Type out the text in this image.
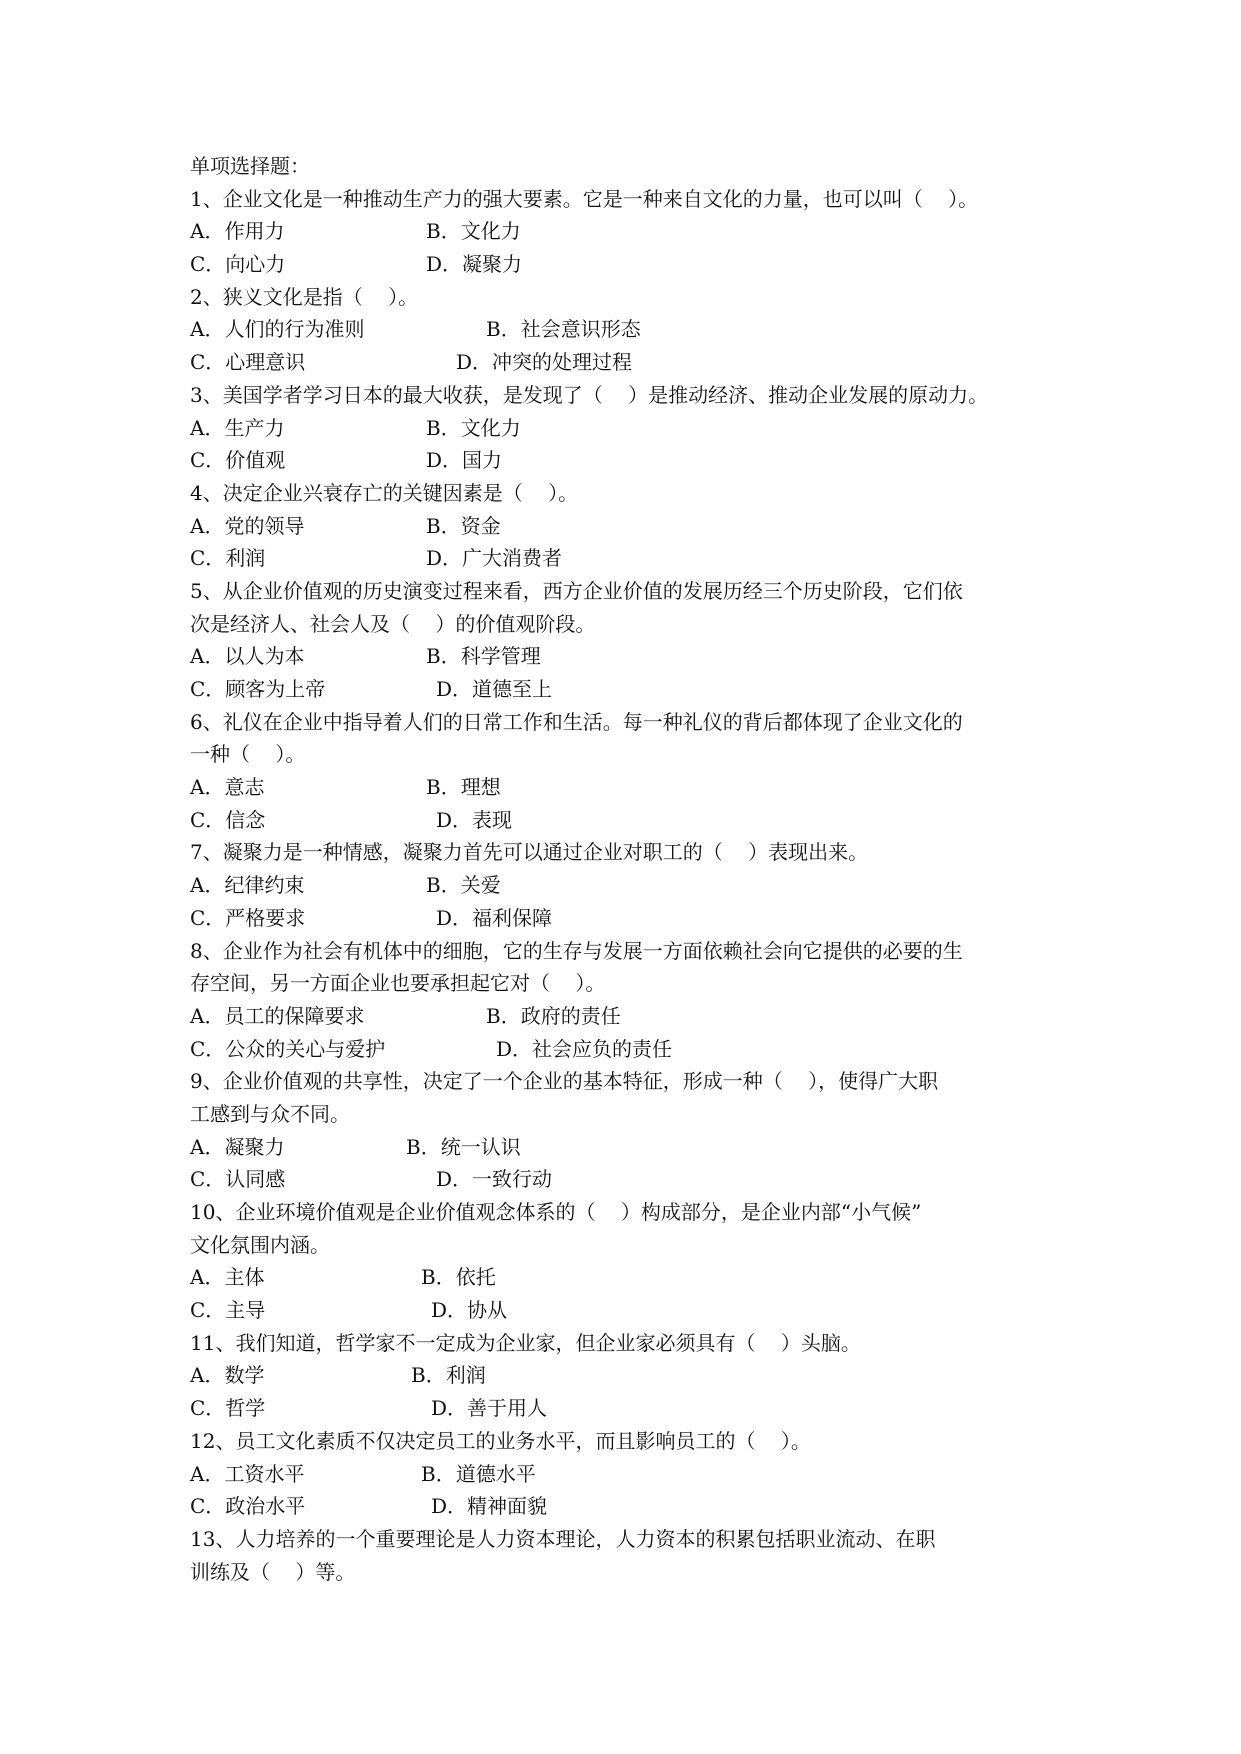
单项选择题：
1、企业文化是一种推动生产力的强大要素。它是一种来自文化的力量，也可以叫（    ）。
A．作用力	B．文化力
C．向心力	D．凝聚力
2、狭义文化是指（    ）。
A．人们的行为准则	B．社会意识形态
C．心理意识	D．冲突的处理过程
3、美国学者学习日本的最大收获，是发现了（    ）是推动经济、推动企业发展的原动力。
A．生产力	B．文化力
C．价值观	D．国力
4、决定企业兴衰存亡的关键因素是（    ）。
A．党的领导	B．资金
C．利润	D．广大消费者
5、从企业价值观的历史演变过程来看，西方企业价值的发展历经三个历史阶段，它们依
次是经济人、社会人及（    ）的价值观阶段。
A．以人为本	B．科学管理
C．顾客为上帝	D．道德至上
6、礼仪在企业中指导着人们的日常工作和生活。每一种礼仪的背后都体现了企业文化的
一种（    ）。
A．意志	B．理想
C．信念	D．表现
7、凝聚力是一种情感，凝聚力首先可以通过企业对职工的（    ）表现出来。
A．纪律约束	B．关爱
C．严格要求	D．福利保障
8、企业作为社会有机体中的细胞，它的生存与发展一方面依赖社会向它提供的必要的生
存空间，另一方面企业也要承担起它对（    ）。
A．员工的保障要求	B．政府的责任
C．公众的关心与爱护	D．社会应负的责任
9、企业价值观的共享性，决定了一个企业的基本特征，形成一种（    ），使得广大职
工感到与众不同。
A．凝聚力	B．统一认识
C．认同感	D．一致行动
10、企业环境价值观是企业价值观念体系的（    ）构成部分，是企业内部“小气候”
文化氛围内涵。
A．主体	B．依托
C．主导	D．协从
11、我们知道，哲学家不一定成为企业家，但企业家必须具有（    ）头脑。
A．数学	B．利润
C．哲学	D．善于用人
12、员工文化素质不仅决定员工的业务水平，而且影响员工的（    ）。
A．工资水平	B．道德水平
C．政治水平	D．精神面貌
13、人力培养的一个重要理论是人力资本理论，人力资本的积累包括职业流动、在职
训练及（    ）等。
